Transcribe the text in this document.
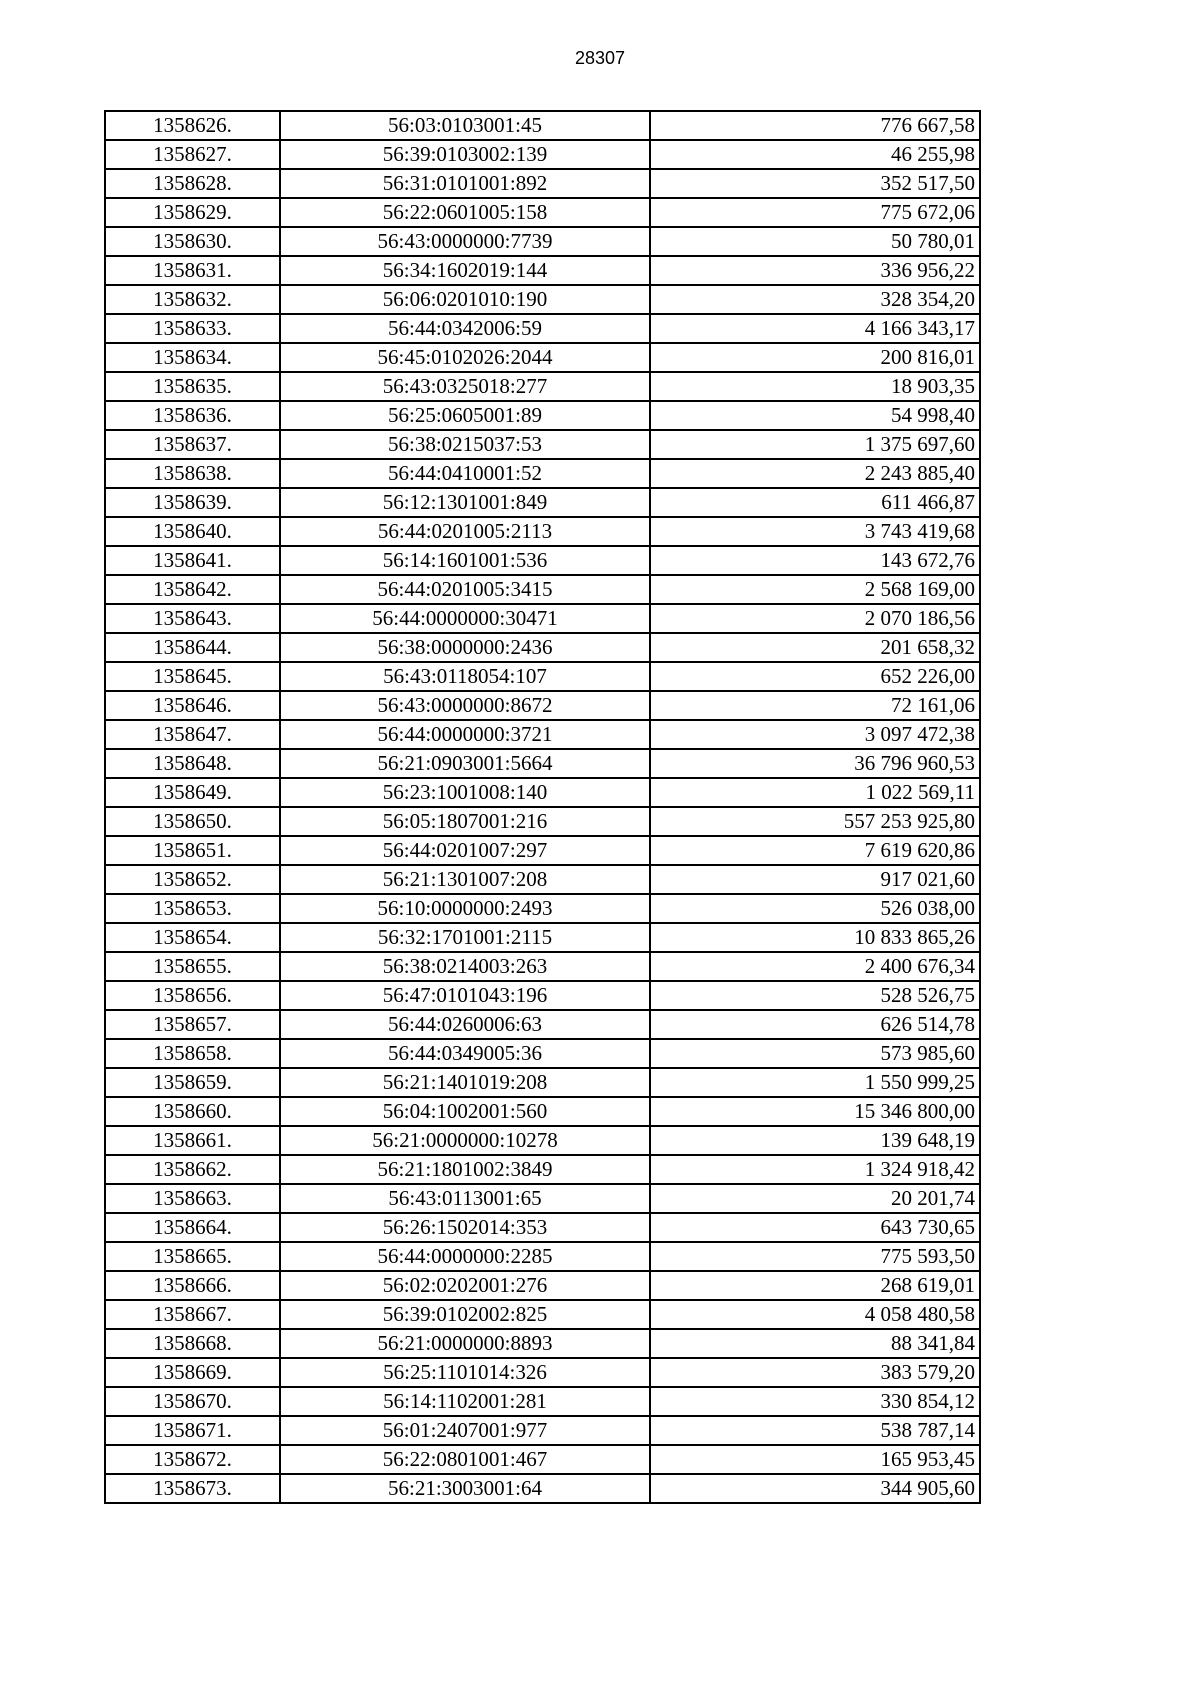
28307
1358626.	56:03:0103001:45	776 667,58
1358627.	56:39:0103002:139	46 255,98
1358628.	56:31:0101001:892	352 517,50
1358629.	56:22:0601005:158	775 672,06
1358630.	56:43:0000000:7739	50 780,01
1358631.	56:34:1602019:144	336 956,22
1358632.	56:06:0201010:190	328 354,20
1358633.	56:44:0342006:59	4 166 343,17
1358634.	56:45:0102026:2044	200 816,01
1358635.	56:43:0325018:277	18 903,35
1358636.	56:25:0605001:89	54 998,40
1358637.	56:38:0215037:53	1 375 697,60
1358638.	56:44:0410001:52	2 243 885,40
1358639.	56:12:1301001:849	611 466,87
1358640.	56:44:0201005:2113	3 743 419,68
1358641.	56:14:1601001:536	143 672,76
1358642.	56:44:0201005:3415	2 568 169,00
1358643.	56:44:0000000:30471	2 070 186,56
1358644.	56:38:0000000:2436	201 658,32
1358645.	56:43:0118054:107	652 226,00
1358646.	56:43:0000000:8672	72 161,06
1358647.	56:44:0000000:3721	3 097 472,38
1358648.	56:21:0903001:5664	36 796 960,53
1358649.	56:23:1001008:140	1 022 569,11
1358650.	56:05:1807001:216	557 253 925,80
1358651.	56:44:0201007:297	7 619 620,86
1358652.	56:21:1301007:208	917 021,60
1358653.	56:10:0000000:2493	526 038,00
1358654.	56:32:1701001:2115	10 833 865,26
1358655.	56:38:0214003:263	2 400 676,34
1358656.	56:47:0101043:196	528 526,75
1358657.	56:44:0260006:63	626 514,78
1358658.	56:44:0349005:36	573 985,60
1358659.	56:21:1401019:208	1 550 999,25
1358660.	56:04:1002001:560	15 346 800,00
1358661.	56:21:0000000:10278	139 648,19
1358662.	56:21:1801002:3849	1 324 918,42
1358663.	56:43:0113001:65	20 201,74
1358664.	56:26:1502014:353	643 730,65
1358665.	56:44:0000000:2285	775 593,50
1358666.	56:02:0202001:276	268 619,01
1358667.	56:39:0102002:825	4 058 480,58
1358668.	56:21:0000000:8893	88 341,84
1358669.	56:25:1101014:326	383 579,20
1358670.	56:14:1102001:281	330 854,12
1358671.	56:01:2407001:977	538 787,14
1358672.	56:22:0801001:467	165 953,45
1358673.	56:21:3003001:64	344 905,60
